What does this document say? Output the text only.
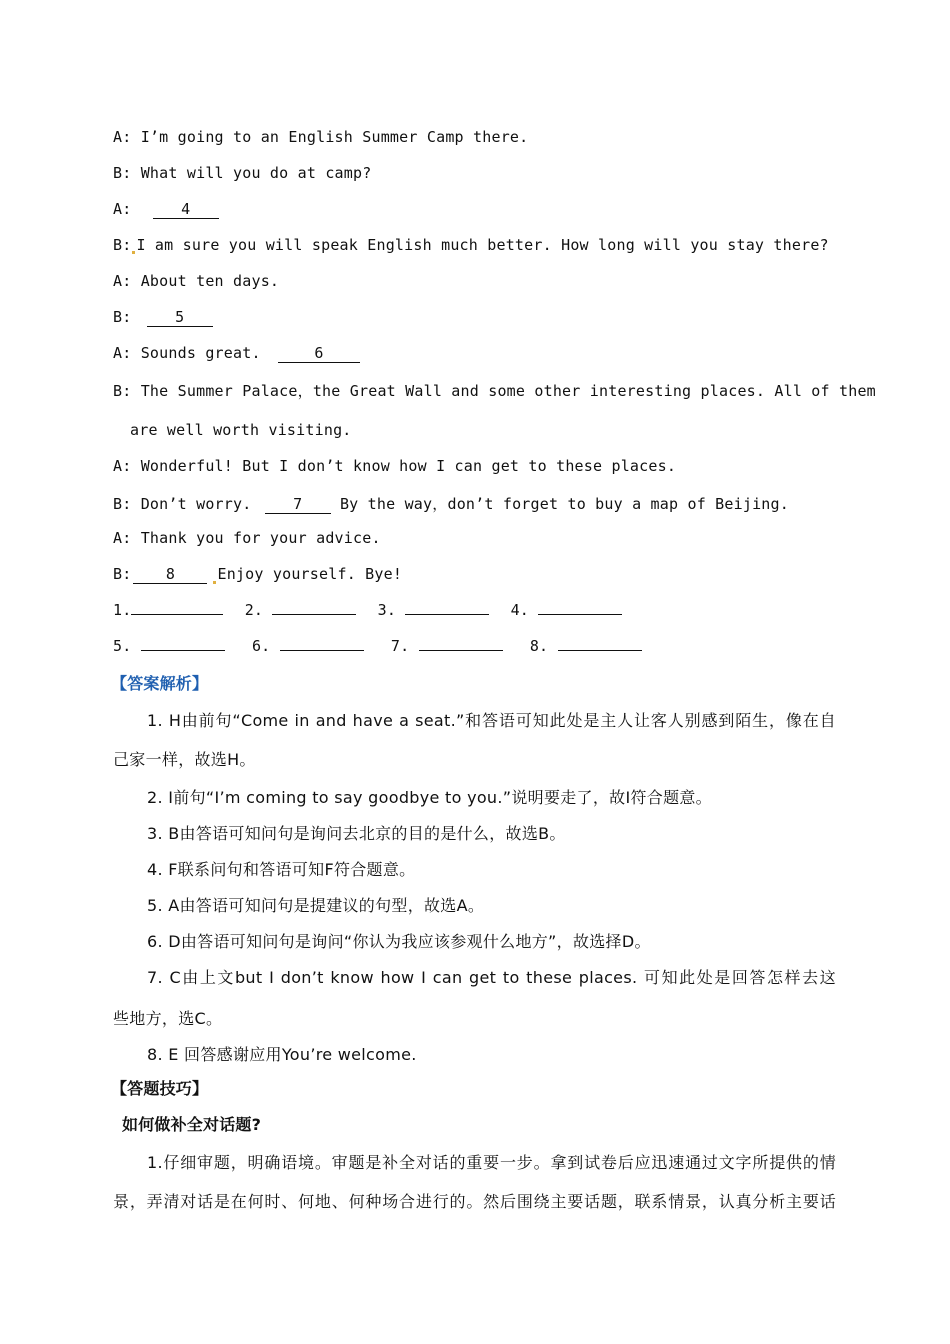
A: I’m going to an English Summer Camp there.
B: What will you do at camp?
A:	4
B: I am sure you will speak English much better. How long will you stay there?
A: About ten days.
B:	5
A: Sounds great.	6
B: The Summer Palace，the Great Wall and some other interesting places. All of them
are well worth visiting.
A: Wonderful! But I don’t know how I can get to these places.
B: Don’t worry.	7	By the way，don’t forget to buy a map of Beijing.
A: Thank you for your advice.
B: 8	Enjoy yourself. Bye!
1.	2.	3.	4.
5.	6.	7.	8.
【答案解析】
1. H由前句“Come in and have a seat.”和答语可知此处是主人让客人别感到陌生，像在自
己家一样，故选H。
2. I前句“I’m coming to say goodbye to you.”说明要走了，故I符合题意。
3. B由答语可知问句是询问去北京的目的是什么，故选B。
4. F联系问句和答语可知F符合题意。
5. A由答语可知问句是提建议的句型，故选A。
6. D由答语可知问句是询问“你认为我应该参观什么地方”，故选择D。
7. C由上文but I don’t know how I can get to these places. 可知此处是回答怎样去这
些地方，选C。
8. E 回答感谢应用You’re welcome.
【答题技巧】
如何做补全对话题?
1.仔细审题，明确语境。审题是补全对话的重要一步。拿到试卷后应迅速通过文字所提供的情
景，弄清对话是在何时、何地、何种场合进行的。然后围绕主要话题，联系情景，认真分析主要话
